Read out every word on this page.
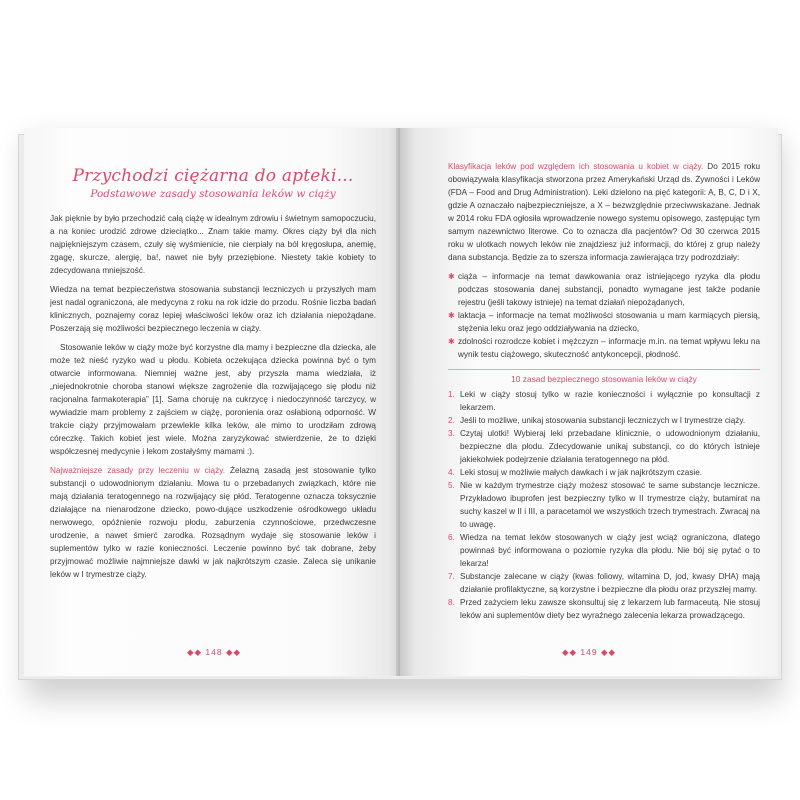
Przychodzi ciężarna do apteki...
Podstawowe zasady stosowania leków w ciąży

Jak pięknie by było przechodzić całą ciążę w idealnym zdrowiu i świetnym samopoczuciu, a na koniec urodzić zdrowe dzieciątko... Znam takie mamy. Okres ciąży był dla nich najpiękniejszym czasem, czuły się wyśmienicie, nie cierpiały na ból kręgosłupa, anemię, zgagę, skurcze, alergię, ba!, nawet nie były przeziębione. Niestety takie kobiety to zdecydowana mniejszość.

Wiedza na temat bezpieczeństwa stosowania substancji leczniczych u przyszłych mam jest nadal ograniczona, ale medycyna z roku na rok idzie do przodu. Rośnie liczba badań klinicznych, poznajemy coraz lepiej właściwości leków oraz ich działania niepożądane. Poszerzają się możliwości bezpiecznego leczenia w ciąży.

Stosowanie leków w ciąży może być korzystne dla mamy i bezpieczne dla dziecka, ale może też nieść ryzyko wad u płodu. Kobieta oczekująca dziecka powinna być o tym otwarcie informowana. Niemniej ważne jest, aby przyszła mama wiedziała, iż „niejednokrotnie choroba stanowi większe zagrożenie dla rozwijającego się płodu niż racjonalna farmakoterapia” [1]. Sama choruję na cukrzycę i niedoczynność tarczycy, w wywiadzie mam problemy z zajściem w ciążę, poronienia oraz osłabioną odporność. W trakcie ciąży przyjmowałam przewlekle kilka leków, ale mimo to urodziłam zdrową córeczkę. Takich kobiet jest wiele. Można zaryzykować stwierdzenie, że to dzięki współczesnej medycynie i lekom zostałyśmy mamami :).

Najważniejsze zasady przy leczeniu w ciąży. Żelazną zasadą jest stosowanie tylko substancji o udowodnionym działaniu. Mowa tu o przebadanych związkach, które nie mają działania teratogennego na rozwijający się płód. Teratogenne oznacza toksycznie działające na nienarodzone dziecko, powo-dujące uszkodzenie ośrodkowego układu nerwowego, opóźnienie rozwoju płodu, zaburzenia czynnościowe, przedwczesne urodzenie, a nawet śmierć zarodka. Rozsądnym wydaje się stosowanie leków i suplementów tylko w razie konieczności. Leczenie powinno być tak dobrane, żeby przyjmować możliwie najmniejsze dawki w jak najkrótszym czasie. Zaleca się unikanie leków w I trymestrze ciąży.

◆◆ 148 ◆◆

Klasyfikacja leków pod względem ich stosowania u kobiet w ciąży. Do 2015 roku obowiązywała klasyfikacja stworzona przez Amerykański Urząd ds. Żywności i Leków (FDA – Food and Drug Administration). Leki dzielono na pięć kategorii: A, B, C, D i X, gdzie A oznaczało najbezpieczniejsze, a X – bezwzględnie przeciwwskazane. Jednak w 2014 roku FDA ogłosiła wprowadzenie nowego systemu opisowego, zastępując tym samym nazewnictwo literowe. Co to oznacza dla pacjentów? Od 30 czerwca 2015 roku w ulotkach nowych leków nie znajdziesz już informacji, do której z grup należy dana substancja. Będzie za to szersza informacja zawierająca trzy podrozdziały:

✱ ciąża – informacje na temat dawkowania oraz istniejącego ryzyka dla płodu podczas stosowania danej substancji, ponadto wymagane jest także podanie rejestru (jeśli takowy istnieje) na temat działań niepożądanych,
✱ laktacja – informacje na temat możliwości stosowania u mam karmiących piersią, stężenia leku oraz jego oddziaływania na dziecko,
✱ zdolności rozrodcze kobiet i mężczyzn – informacje m.in. na temat wpływu leku na wynik testu ciążowego, skuteczność antykoncepcji, płodność.
10 zasad bezpiecznego stosowania leków w ciąży
1. Leki w ciąży stosuj tylko w razie konieczności i wyłącznie po konsultacji z lekarzem.
2. Jeśli to możliwe, unikaj stosowania substancji leczniczych w I trymestrze ciąży.
3. Czytaj ulotki! Wybieraj leki przebadane klinicznie, o udowodnionym działaniu, bezpieczne dla płodu. Zdecydowanie unikaj substancji, co do których istnieje jakiekolwiek podejrzenie działania teratogennego na płód.
4. Leki stosuj w możliwie małych dawkach i w jak najkrótszym czasie.
5. Nie w każdym trymestrze ciąży możesz stosować te same substancje lecznicze. Przykładowo ibuprofen jest bezpieczny tylko w II trymestrze ciąży, butamirat na suchy kaszel w II i III, a paracetamol we wszystkich trzech trymestrach. Zwracaj na to uwagę.
6. Wiedza na temat leków stosowanych w ciąży jest wciąż ograniczona, dlatego powinnaś być informowana o poziomie ryzyka dla płodu. Nie bój się pytać o to lekarza!
7. Substancje zalecane w ciąży (kwas foliowy, witamina D, jod, kwasy DHA) mają działanie profilaktyczne, są korzystne i bezpieczne dla płodu oraz przyszłej mamy.
8. Przed zażyciem leku zawsze skonsultuj się z lekarzem lub farmaceutą. Nie stosuj leków ani suplementów diety bez wyraźnego zalecenia lekarza prowadzącego.
◆◆ 149 ◆◆
